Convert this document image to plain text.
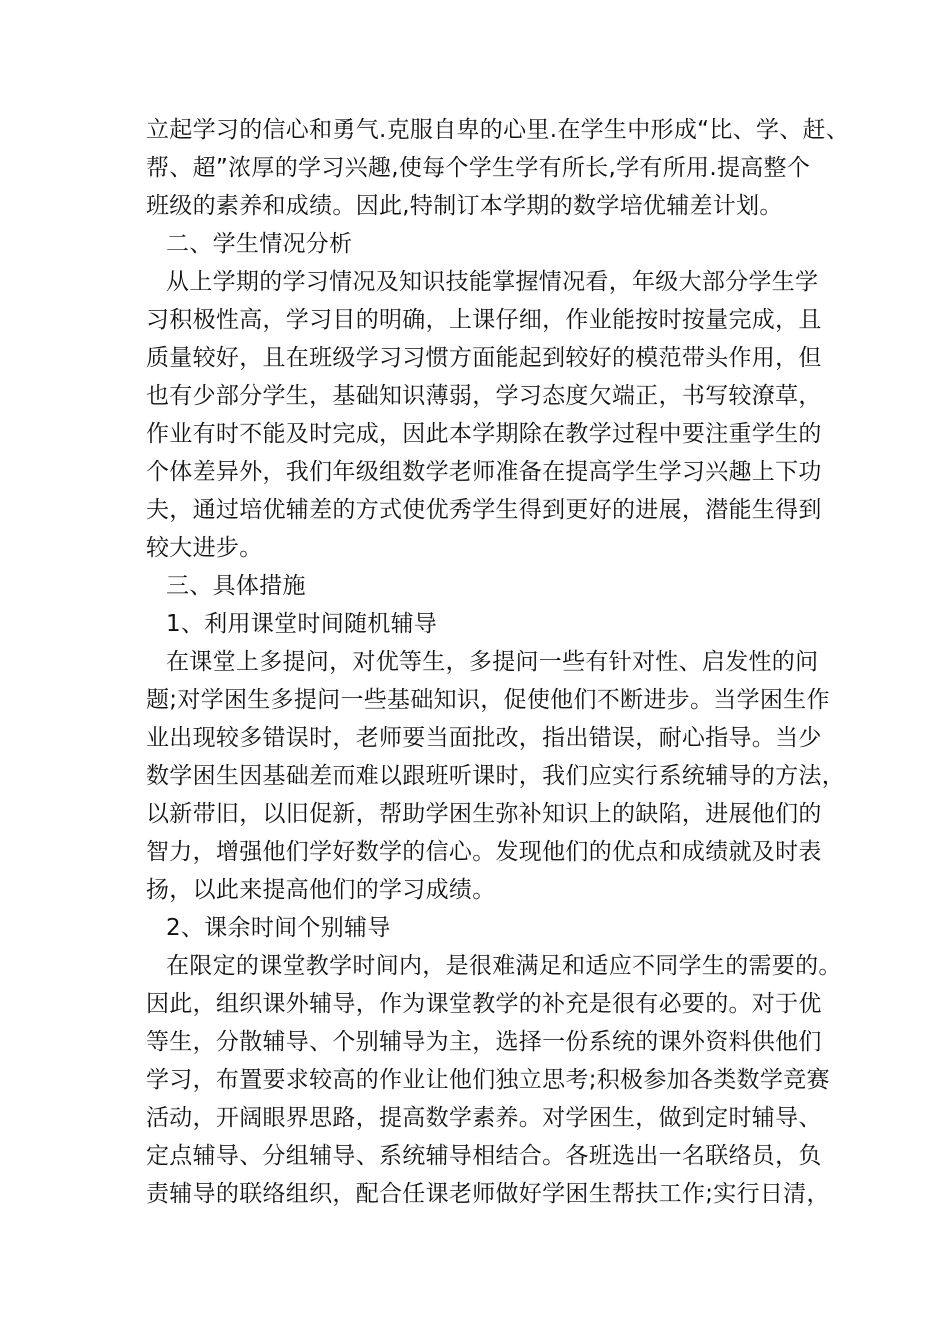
立起学习的信心和勇气.克服自卑的心里.在学生中形成“比、学、赶、
帮、超”浓厚的学习兴趣,使每个学生学有所长,学有所用.提高整个
班级的素养和成绩。因此,特制订本学期的数学培优辅差计划。
二、学生情况分析
从上学期的学习情况及知识技能掌握情况看，年级大部分学生学
习积极性高，学习目的明确，上课仔细，作业能按时按量完成，且
质量较好，且在班级学习习惯方面能起到较好的模范带头作用，但
也有少部分学生，基础知识薄弱，学习态度欠端正，书写较潦草，
作业有时不能及时完成，因此本学期除在教学过程中要注重学生的
个体差异外，我们年级组数学老师准备在提高学生学习兴趣上下功
夫，通过培优辅差的方式使优秀学生得到更好的进展，潜能生得到
较大进步。
三、具体措施
1、利用课堂时间随机辅导
在课堂上多提问，对优等生，多提问一些有针对性、启发性的问
题;对学困生多提问一些基础知识，促使他们不断进步。当学困生作
业出现较多错误时，老师要当面批改，指出错误，耐心指导。当少
数学困生因基础差而难以跟班听课时，我们应实行系统辅导的方法，
以新带旧，以旧促新，帮助学困生弥补知识上的缺陷，进展他们的
智力，增强他们学好数学的信心。发现他们的优点和成绩就及时表
扬，以此来提高他们的学习成绩。
2、课余时间个别辅导
在限定的课堂教学时间内，是很难满足和适应不同学生的需要的。
因此，组织课外辅导，作为课堂教学的补充是很有必要的。对于优
等生，分散辅导、个别辅导为主，选择一份系统的课外资料供他们
学习，布置要求较高的作业让他们独立思考;积极参加各类数学竞赛
活动，开阔眼界思路，提高数学素养。对学困生，做到定时辅导、
定点辅导、分组辅导、系统辅导相结合。各班选出一名联络员，负
责辅导的联络组织，配合任课老师做好学困生帮扶工作;实行日清，
